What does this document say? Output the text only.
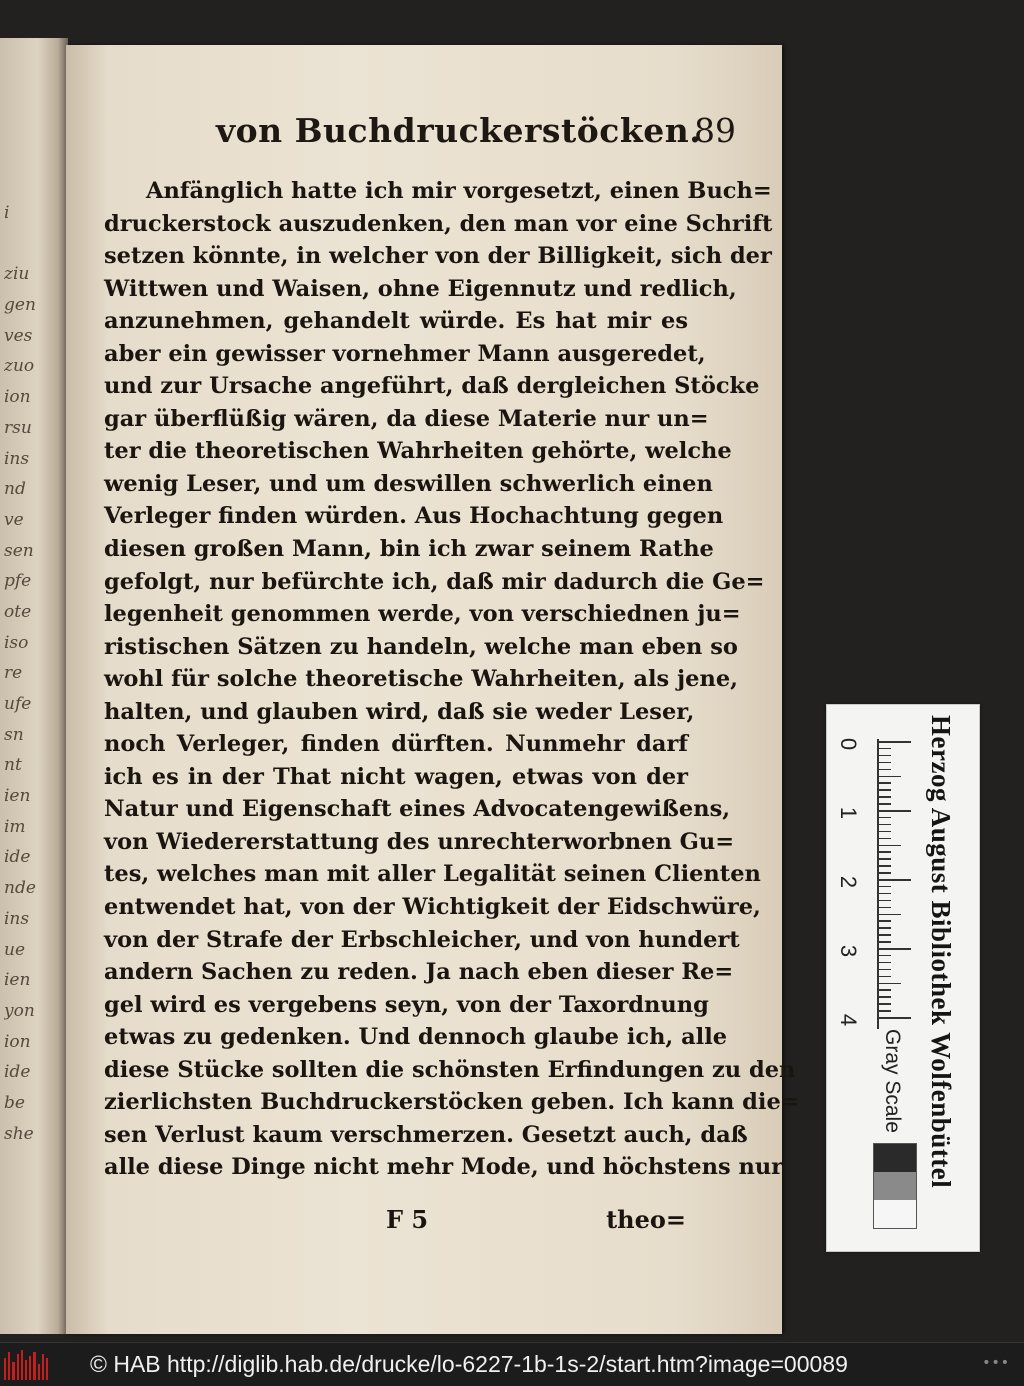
i
ziu
gen
ves
zuo
ion
rsu
ins
nd
ve
sen
pfe
ote
iso
re
ufe
sn
nt
ien
im
ide
nde
ins
ue
ien
yon
ion
ide
be
she
von Buchdruckerstöcken.
89
Anfänglich hatte ich mir vorgesetzt, einen Buch=
druckerstock auszudenken, den man vor eine Schrift
setzen könnte, in welcher von der Billigkeit, sich der
Wittwen und Waisen, ohne Eigennutz und redlich,
anzunehmen, gehandelt würde. Es hat mir es
aber ein gewisser vornehmer Mann ausgeredet,
und zur Ursache angeführt, daß dergleichen Stöcke
gar überflüßig wären, da diese Materie nur un=
ter die theoretischen Wahrheiten gehörte, welche
wenig Leser, und um deswillen schwerlich einen
Verleger finden würden. Aus Hochachtung gegen
diesen großen Mann, bin ich zwar seinem Rathe
gefolgt, nur befürchte ich, daß mir dadurch die Ge=
legenheit genommen werde, von verschiednen ju=
ristischen Sätzen zu handeln, welche man eben so
wohl für solche theoretische Wahrheiten, als jene,
halten, und glauben wird, daß sie weder Leser,
noch Verleger, finden dürften. Nunmehr darf
ich es in der That nicht wagen, etwas von der
Natur und Eigenschaft eines Advocatengewißens,
von Wiedererstattung des unrechterworbnen Gu=
tes, welches man mit aller Legalität seinen Clienten
entwendet hat, von der Wichtigkeit der Eidschwüre,
von der Strafe der Erbschleicher, und von hundert
andern Sachen zu reden. Ja nach eben dieser Re=
gel wird es vergebens seyn, von der Taxordnung
etwas zu gedenken. Und dennoch glaube ich, alle
diese Stücke sollten die schönsten Erfindungen zu den
zierlichsten Buchdruckerstöcken geben. Ich kann die=
sen Verlust kaum verschmerzen. Gesetzt auch, daß
alle diese Dinge nicht mehr Mode, und höchstens nur
F 5	theo=
0
1
2
3
4	Herzog August Bibliothek Wolfenbüttel
Gray Scale
© HAB http://diglib.hab.de/drucke/lo-6227-1b-1s-2/start.htm?image=00089	•••
